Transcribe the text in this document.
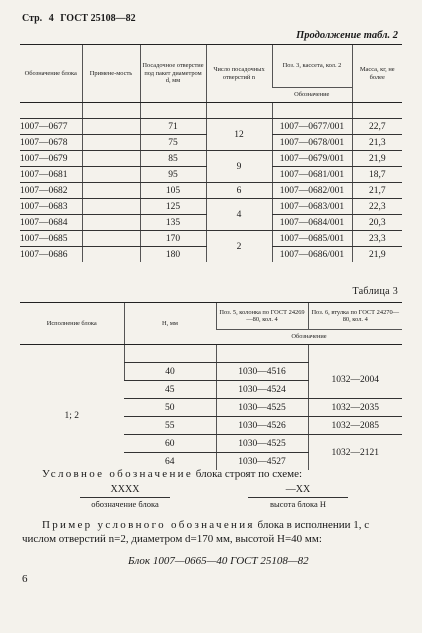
Стр. 4 ГОСТ 25108—82
Продолжение табл. 2
Обозначение блока	Примене-мость	Посадочное отверстие под пакет диаметром d, мм	Число посадочных отверстий n	Поз. 3, кассета, кол. 2	Масса, кг, не более
				Обозначение	

1007—0677		71	12	1007—0677/001	22,7
1007—0678		75		1007—0678/001	21,3
1007—0679		85	9	1007—0679/001	21,9
1007—0681		95		1007—0681/001	18,7
1007—0682		105	6	1007—0682/001	21,7
1007—0683		125	4	1007—0683/001	22,3
1007—0684		135		1007—0684/001	20,3
1007—0685		170	2	1007—0685/001	23,3
1007—0686		180		1007—0686/001	21,9
Таблица 3
Исполнение блока	H, мм	Поз. 5, колонка по ГОСТ 24269—80, кол. 4	Поз. 6, втулка по ГОСТ 24270—80, кол. 4
		Обозначение	

1; 2	40	1030—4516	1032—2004
	45	1030—4524	
	50	1030—4525	1032—2035
	55	1030—4526	1032—2085
	60	1030—4525	1032—2121
	64	1030—4527	
Условное обозначение блока строят по схеме:
XXXX
обозначение блока
—XX
высота блока H
Пример условного обозначения блока в исполнении 1, с числом отверстий n=2, диаметром d=170 мм, высотой H=40 мм:
Блок 1007—0665—40 ГОСТ 25108—82
6
